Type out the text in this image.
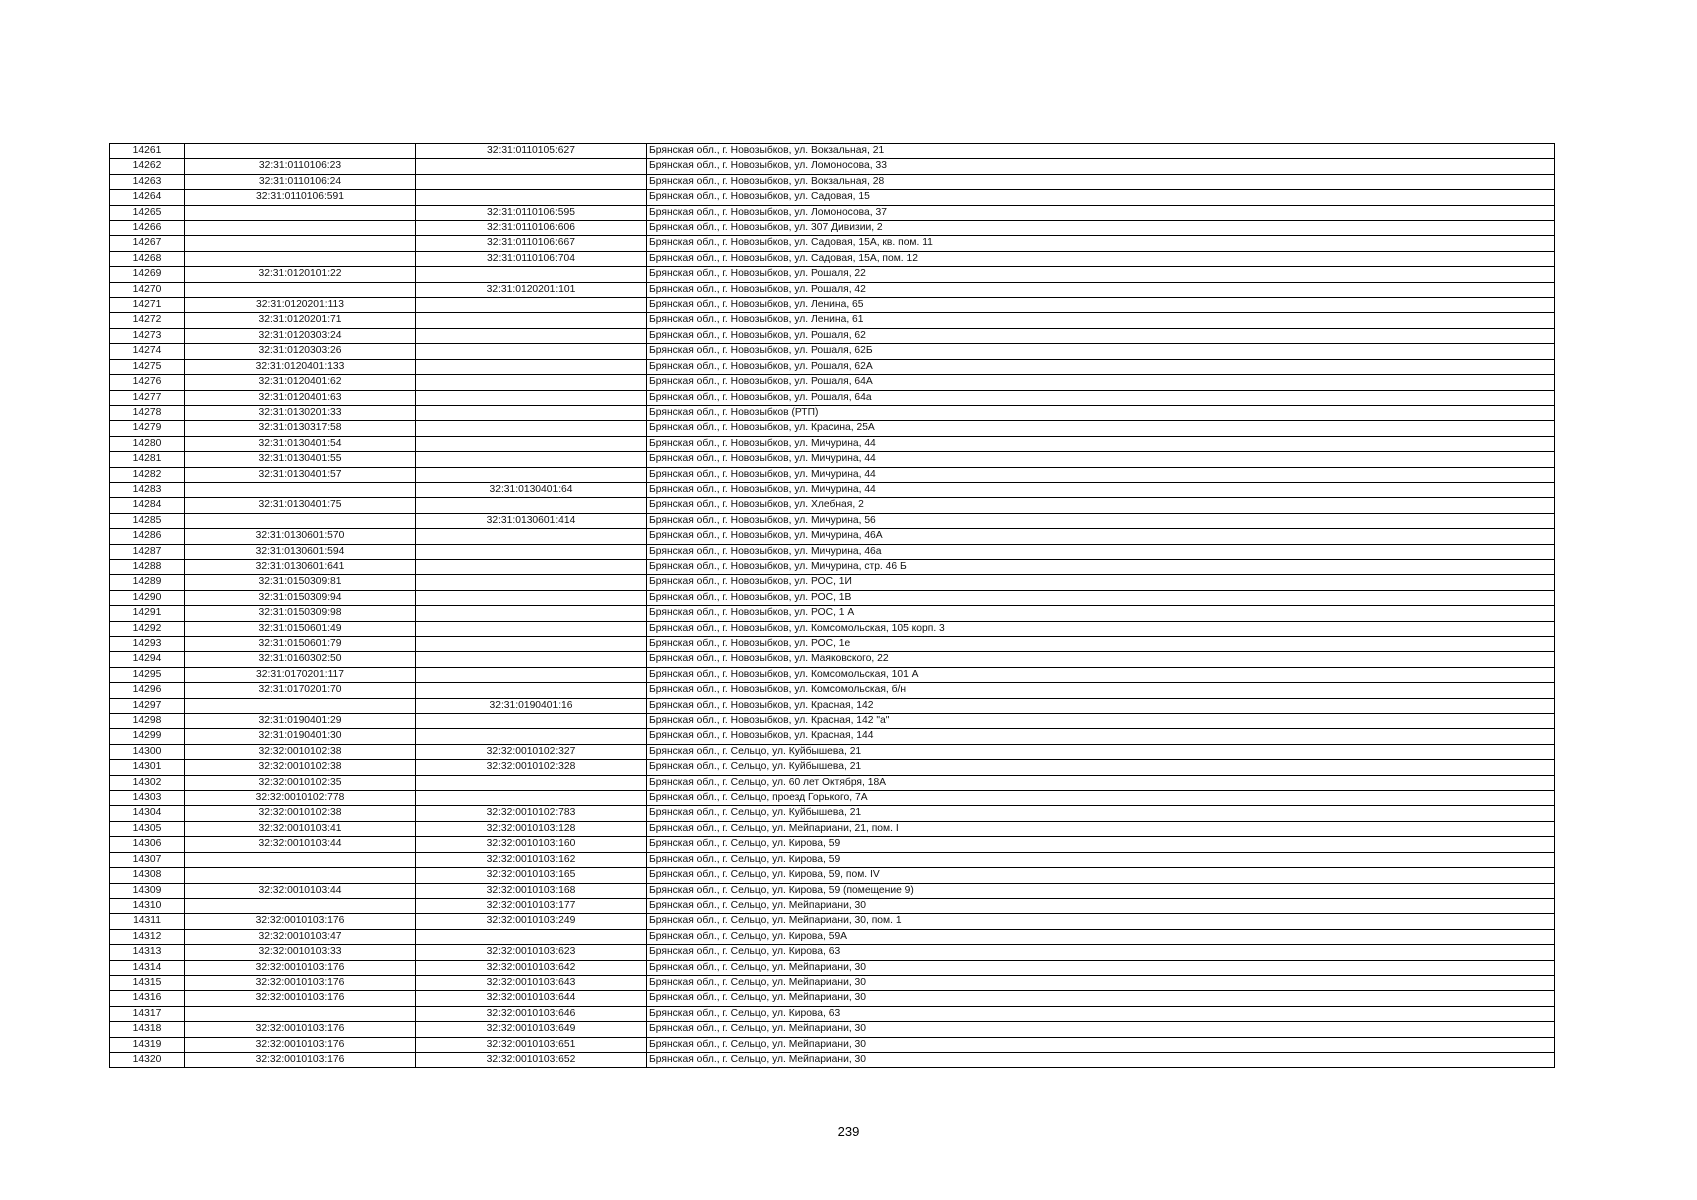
14261		32:31:0110105:627	Брянская обл., г. Новозыбков, ул. Вокзальная, 21
14262	32:31:0110106:23		Брянская обл., г. Новозыбков, ул. Ломоносова, 33
14263	32:31:0110106:24		Брянская обл., г. Новозыбков, ул. Вокзальная, 28
14264	32:31:0110106:591		Брянская обл., г. Новозыбков, ул. Садовая, 15
14265		32:31:0110106:595	Брянская обл., г. Новозыбков, ул. Ломоносова, 37
14266		32:31:0110106:606	Брянская обл., г. Новозыбков, ул. 307 Дивизии, 2
14267		32:31:0110106:667	Брянская обл., г. Новозыбков, ул. Садовая, 15А, кв. пом. 11
14268		32:31:0110106:704	Брянская обл., г. Новозыбков, ул. Садовая, 15А, пом. 12
14269	32:31:0120101:22		Брянская обл., г. Новозыбков, ул. Рошаля, 22
14270		32:31:0120201:101	Брянская обл., г. Новозыбков, ул. Рошаля, 42
14271	32:31:0120201:113		Брянская обл., г. Новозыбков, ул. Ленина, 65
14272	32:31:0120201:71		Брянская обл., г. Новозыбков, ул. Ленина, 61
14273	32:31:0120303:24		Брянская обл., г. Новозыбков, ул. Рошаля, 62
14274	32:31:0120303:26		Брянская обл., г. Новозыбков, ул. Рошаля, 62Б
14275	32:31:0120401:133		Брянская обл., г. Новозыбков, ул. Рошаля, 62А
14276	32:31:0120401:62		Брянская обл., г. Новозыбков, ул. Рошаля, 64А
14277	32:31:0120401:63		Брянская обл., г. Новозыбков, ул. Рошаля, 64а
14278	32:31:0130201:33		Брянская обл., г. Новозыбков (РТП)
14279	32:31:0130317:58		Брянская обл., г. Новозыбков, ул. Красина, 25А
14280	32:31:0130401:54		Брянская обл., г. Новозыбков, ул. Мичурина, 44
14281	32:31:0130401:55		Брянская обл., г. Новозыбков, ул. Мичурина, 44
14282	32:31:0130401:57		Брянская обл., г. Новозыбков, ул. Мичурина, 44
14283		32:31:0130401:64	Брянская обл., г. Новозыбков, ул. Мичурина, 44
14284	32:31:0130401:75		Брянская обл., г. Новозыбков, ул. Хлебная, 2
14285		32:31:0130601:414	Брянская обл., г. Новозыбков, ул. Мичурина, 56
14286	32:31:0130601:570		Брянская обл., г. Новозыбков, ул. Мичурина, 46А
14287	32:31:0130601:594		Брянская обл., г. Новозыбков, ул. Мичурина, 46а
14288	32:31:0130601:641		Брянская обл., г. Новозыбков, ул. Мичурина, стр. 46 Б
14289	32:31:0150309:81		Брянская обл., г. Новозыбков, ул. РОС, 1И
14290	32:31:0150309:94		Брянская обл., г. Новозыбков, ул. РОС, 1В
14291	32:31:0150309:98		Брянская обл., г. Новозыбков, ул. РОС, 1 А
14292	32:31:0150601:49		Брянская обл., г. Новозыбков, ул. Комсомольская, 105 корп. 3
14293	32:31:0150601:79		Брянская обл., г. Новозыбков, ул. РОС, 1е
14294	32:31:0160302:50		Брянская обл., г. Новозыбков, ул. Маяковского, 22
14295	32:31:0170201:117		Брянская обл., г. Новозыбков, ул. Комсомольская, 101 А
14296	32:31:0170201:70		Брянская обл., г. Новозыбков, ул. Комсомольская, б/н
14297		32:31:0190401:16	Брянская обл., г. Новозыбков, ул. Красная, 142
14298	32:31:0190401:29		Брянская обл., г. Новозыбков, ул. Красная, 142 "а"
14299	32:31:0190401:30		Брянская обл., г. Новозыбков, ул. Красная, 144
14300	32:32:0010102:38	32:32:0010102:327	Брянская обл., г. Сельцо, ул. Куйбышева, 21
14301	32:32:0010102:38	32:32:0010102:328	Брянская обл., г. Сельцо, ул. Куйбышева, 21
14302	32:32:0010102:35		Брянская обл., г. Сельцо, ул. 60 лет Октября, 18А
14303	32:32:0010102:778		Брянская обл., г. Сельцо, проезд Горького, 7А
14304	32:32:0010102:38	32:32:0010102:783	Брянская обл., г. Сельцо, ул. Куйбышева, 21
14305	32:32:0010103:41	32:32:0010103:128	Брянская обл., г. Сельцо, ул. Мейпариани, 21, пом. I
14306	32:32:0010103:44	32:32:0010103:160	Брянская обл., г. Сельцо, ул. Кирова, 59
14307		32:32:0010103:162	Брянская обл., г. Сельцо, ул. Кирова, 59
14308		32:32:0010103:165	Брянская обл., г. Сельцо, ул. Кирова, 59, пом. IV
14309	32:32:0010103:44	32:32:0010103:168	Брянская обл., г. Сельцо, ул. Кирова, 59 (помещение 9)
14310		32:32:0010103:177	Брянская обл., г. Сельцо, ул. Мейпариани, 30
14311	32:32:0010103:176	32:32:0010103:249	Брянская обл., г. Сельцо, ул. Мейпариани, 30, пом. 1
14312	32:32:0010103:47		Брянская обл., г. Сельцо, ул. Кирова, 59А
14313	32:32:0010103:33	32:32:0010103:623	Брянская обл., г. Сельцо, ул. Кирова, 63
14314	32:32:0010103:176	32:32:0010103:642	Брянская обл., г. Сельцо, ул. Мейпариани, 30
14315	32:32:0010103:176	32:32:0010103:643	Брянская обл., г. Сельцо, ул. Мейпариани, 30
14316	32:32:0010103:176	32:32:0010103:644	Брянская обл., г. Сельцо, ул. Мейпариани, 30
14317		32:32:0010103:646	Брянская обл., г. Сельцо, ул. Кирова, 63
14318	32:32:0010103:176	32:32:0010103:649	Брянская обл., г. Сельцо, ул. Мейпариани, 30
14319	32:32:0010103:176	32:32:0010103:651	Брянская обл., г. Сельцо, ул. Мейпариани, 30
14320	32:32:0010103:176	32:32:0010103:652	Брянская обл., г. Сельцо, ул. Мейпариани, 30
239
